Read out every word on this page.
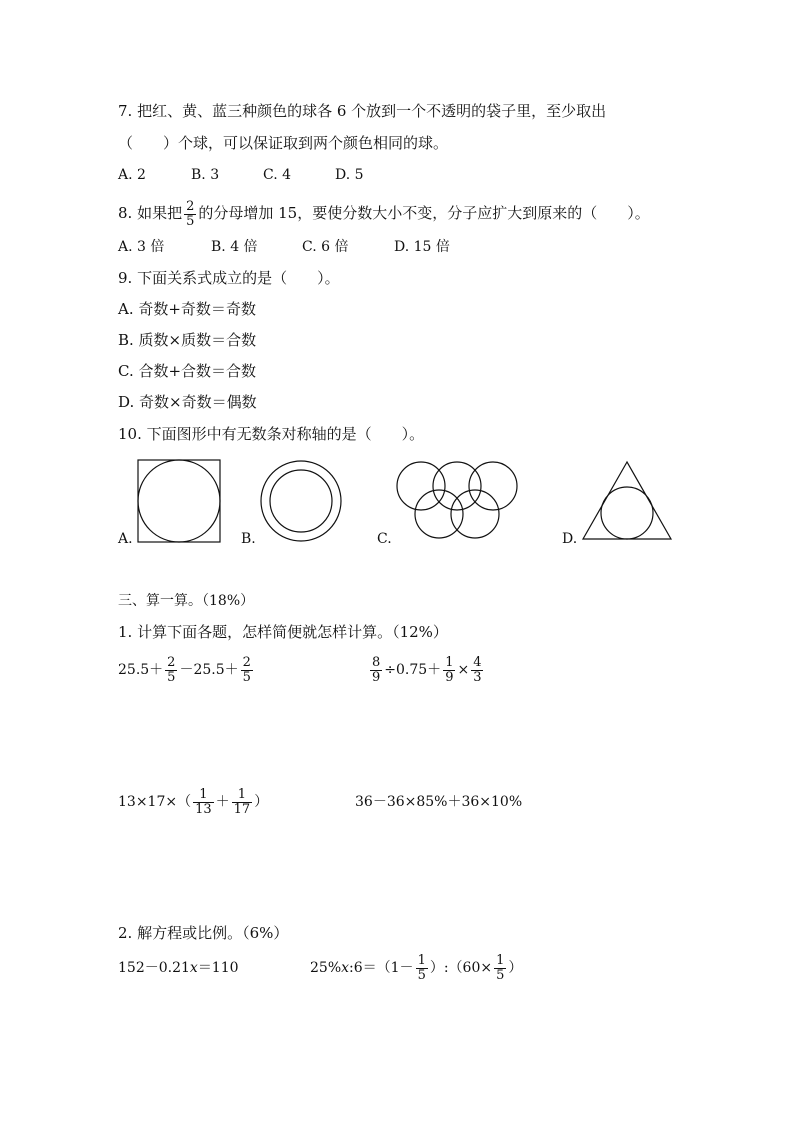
7. 把红、黄、蓝三种颜色的球各 6 个放到一个不透明的袋子里，至少取出
（　　）个球，可以保证取到两个颜色相同的球。
A. 2	B. 3	C. 4	D. 5
8. 如果把 $\frac{2}{5}$ 的分母增加 15，要使分数大小不变，分子应扩大到原来的（　　）。
A. 3 倍	B. 4 倍	C. 6 倍	D. 15 倍
9. 下面关系式成立的是（　　）。
A. 奇数+奇数＝奇数
B. 质数×质数＝合数
C. 合数+合数＝合数
D. 奇数×奇数＝偶数
10. 下面图形中有无数条对称轴的是（　　）。
A.	B.	C.	D.
三、算一算。（18%）
1. 计算下面各题，怎样简便就怎样计算。（12%）
$25.5+ \frac{2}{5} -25.5+ \frac{2}{5}$	$\frac{8}{9} \div 0.75+ \frac{1}{9} \times \frac{4}{3}$
$13\times 17\times( \frac{1}{13} + \frac{1}{17}$ ）	36－36×85%＋36×10%
2. 解方程或比例。（6%）
152－0.21x＝110	25%x:6＝（1－ $\frac{1}{5}$ ）:（60× $\frac{1}{5}$ ）
